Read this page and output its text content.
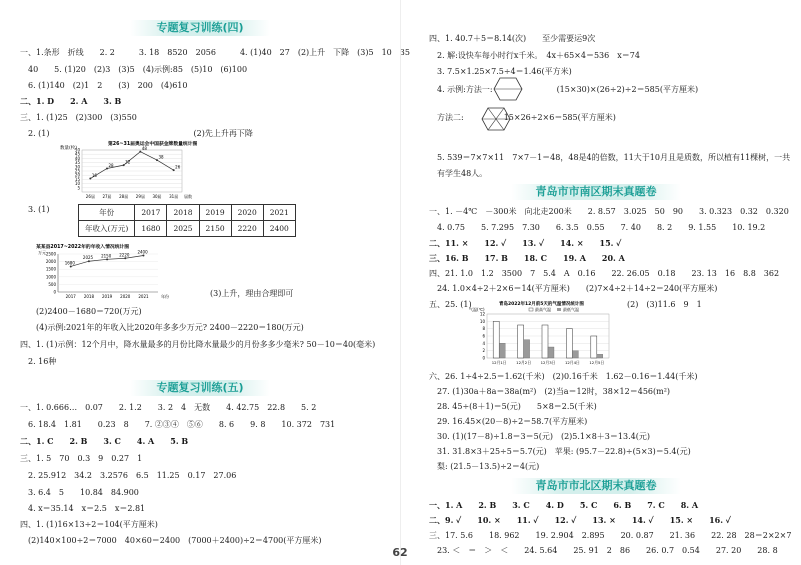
专题复习训练(四)
一、1.条形　折线　　2. 2　　　3. 18　8520　2056　　　4. (1)40　27　(2)上升　下降　(3)5　10　35
　40　　5. (1)20　(2)3　(3)5　(4)示例:85　(5)10　(6)100
　6. (1)140　(2)1　2　　(3)　200　(4)610
二、1. D　　2. A　　3. B
三、1. (1)25　(2)300　(3)550
　2. (1)　　　　　　　　　　　　　　　　　　(2)先上升再下降
第26~31届奥运会中国获金牌数量统计图
数量(枚)
50
45
40
35
30
25
20
15
10
5
16
26届
28
27届
32
28届
48
29届
38
30届
26
31届 届数
　3. (1)	年份	2017	2018	2019	2020	2021
年收入(万元)	1680	2025	2150	2220	2400
某某县2017~2022年的年收入情况统计图
万元 2500
2000
1500
1000
500
0
1680
2017
2025
2018
2150
2019
2220
2020
2400
2021	年份	(3)上升，理由合理即可
(2)2400－1680＝720(万元)
(4)示例:2021年的年收入比2020年多多少万元? 2400－2220＝180(万元)
四、1. (1)示例：12个月中，降水量最多的月份比降水量最少的月份多多少毫米? 50－10＝40(毫米)
　2. 16种
专题复习训练(五)
一、1. 0.666…　0.07　　2. 1.2　　3. 2　4　无数　　4. 42.75　22.8　　5. 2
　6. 18.4　1.81　　0.23　8　　7. ②③④　⑤⑥　　8. 6　　9. 8　　10. 372　731
二、1. C　　2. B　　3. C　　4. A　　5. B
三、1. 5　70　0.3　9　0.27　1
　2. 25.912　34.2　3.2576　6.5　11.25　0.17　27.06
　3. 6.4　5　　10.84　84.900
　4. x＝35.14　x＝2.5　x＝2.81
四、1. (1)16×13÷2＝104(平方厘米)
　(2)140×100÷2＝7000　40×60＝2400　(7000＋2400)÷2＝4700(平方厘米)
四、1. 40.7＋5＝8.14(次)　　至少需要运9次
　2. 解:设快车每小时行x千米。　4x＋65×4＝536　x＝74
　3. 7.5×1.25×7.5÷4＝1.46(平方米)
　4. 示例:方法一:　　　　　　　　(15×30)×(26÷2)÷2＝585(平方厘米)
　方法二:　　　　　15×26÷2×6＝585(平方厘米)
　5. 539＝7×7×11　7×7－1＝48，48是4的倍数，11大于10月且是质数，所以植有11棵树，一共
　有学生48人。
青岛市市南区期末真题卷
一、1. －4℃　－300米　向北走200米　　2. 8.57　3.025　50　90　　3. 0.323　0.32　0.320
　4. 0.75　　5. 7.295　7.30　　6. 3.5　0.55　　7. 40　　8. 2　　9. 1.55　　10. 19.2
二、11. ×　　12. ✓　　13. ✓　　14. ×　　15. ✓
三、16. B　　17. B　　18. C　　19. A　　20. A
四、21. 1.0　1.2　3500　7　5.4　A　0.16　　22. 26.05　0.18　　23. 13　16　8.8　362
　24. 1.0×4÷2＋2×6＝14(平方厘米)　　(2)7×4÷2＋14÷2＝240(平方厘米)
五、25. (1)	青岛2022年12月前5天的气温情况统计图
最高气温	最低气温
气温(℃)
12
10
8
6
4
2
0
12月1日	12月2日	12月3日	12月4日	12月5日
(2)　(3)11.6　9　1
六、26. 1÷4÷2.5＝1.62(千米)　(2)0.16千米　1.62－0.16＝1.44(千米)
　27. (1)30a＋8a＝38a(m²)　(2)当a＝12时，38×12＝456(m²)
　28. 45÷(8＋1)＝5(元)　　5×8＝2.5(千米)
　29. 16.45×(20－8)÷2＝58.7(平方厘米)
　30. (1)(17－8)÷1.8＝3＝5(元)　(2)5.1×8＋3＝13.4(元)
　31. 31.8×3＋25÷5＝5.7(元)　苹果: (95.7－22.8)÷(5×3)＝5.4(元)
　梨: (21.5－13.5)÷2＝4(元)
青岛市市北区期末真题卷
一、1. A　　2. B　　3. C　　4. D　　5. C　　6. B　　7. C　　8. A
二、9. ✓　　10. ×　　11. ✓　　12. ✓　　13. ×　　14. ✓　　15. ×　　16. ✓
三、17. 5.6　　18. 962　　19. 2.904　2.895　　20. 0.87　　21. 36　　22. 28　28＝2×2×7
　23. ＜　＝　＞　＜　　24. 5.64　　25. 91　2　86　　26. 0.7　0.54　　27. 20　　28. 8
62
